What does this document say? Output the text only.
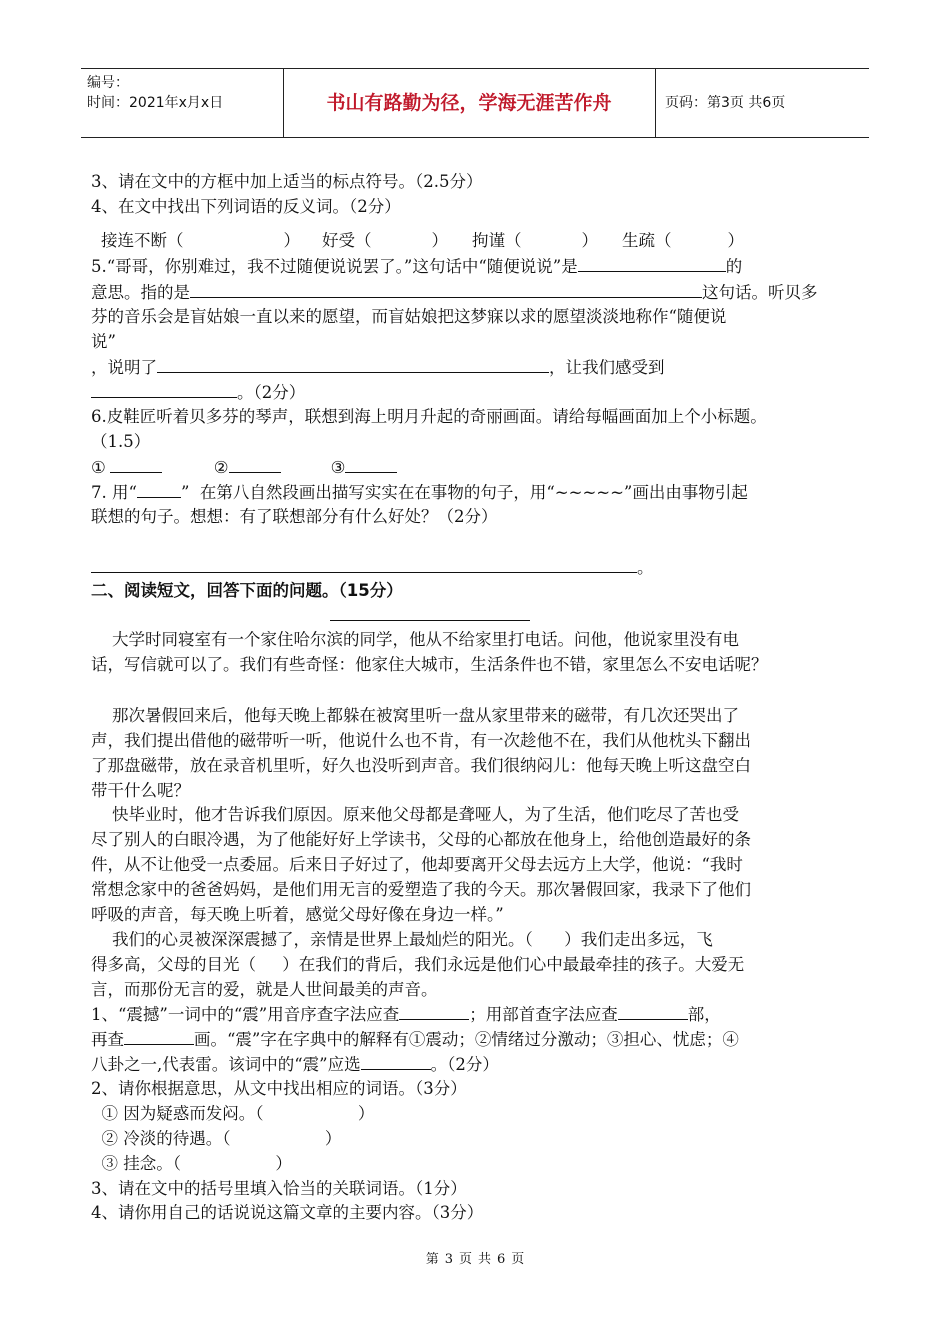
编号：
时间：2021年x月x日	书山有路勤为径，学海无涯苦作舟	页码：第3页 共6页
3、请在文中的方框中加上适当的标点符号。（2.5分）
4、在文中找出下列词语的反义词。（2分）
接连不断（	） 好受（	） 拘谨（	） 生疏（	）
5.“哥哥，你别难过，我不过随便说说罢了。”这句话中“随便说说”是	的
意思。指的是	这句话。听贝多
芬的音乐会是盲姑娘一直以来的愿望，而盲姑娘把这梦寐以求的愿望淡淡地称作“随便说
说”
，说明了	，让我们感受到
。（2分）
6.皮鞋匠听着贝多芬的琴声，联想到海上明月升起的奇丽画面。请给每幅画面加上个小标题。
（1.5）
①	②	③
7. 用“	”  在第八自然段画出描写实实在在事物的句子，用“~~~~~”画出由事物引起
联想的句子。想想：有了联想部分有什么好处？（2分）
。
二、阅读短文，回答下面的问题。（15分）
大学时同寝室有一个家住哈尔滨的同学，他从不给家里打电话。问他，他说家里没有电
话，写信就可以了。我们有些奇怪：他家住大城市，生活条件也不错，家里怎么不安电话呢？
那次暑假回来后，他每天晚上都躲在被窝里听一盘从家里带来的磁带，有几次还哭出了
声，我们提出借他的磁带听一听，他说什么也不肯，有一次趁他不在，我们从他枕头下翻出
了那盘磁带，放在录音机里听，好久也没听到声音。我们很纳闷儿：他每天晚上听这盘空白
带干什么呢？
快毕业时，他才告诉我们原因。原来他父母都是聋哑人，为了生活，他们吃尽了苦也受
尽了别人的白眼冷遇，为了他能好好上学读书，父母的心都放在他身上，给他创造最好的条
件，从不让他受一点委屈。后来日子好过了，他却要离开父母去远方上大学，他说：“我时
常想念家中的爸爸妈妈，是他们用无言的爱塑造了我的今天。那次暑假回家，我录下了他们
呼吸的声音，每天晚上听着，感觉父母好像在身边一样。”
我们的心灵被深深震撼了，亲情是世界上最灿烂的阳光。（      ）我们走出多远，飞
得多高，父母的目光（     ）在我们的背后，我们永远是他们心中最最牵挂的孩子。大爱无
言，而那份无言的爱，就是人世间最美的声音。
1、“震撼”一词中的“震”用音序查字法应查	；用部首查字法应查	部，
再查	画。“震”字在字典中的解释有①震动；②情绪过分激动；③担心、忧虑；④
八卦之一,代表雷。该词中的“震”应选	。（2分）
2、请你根据意思，从文中找出相应的词语。（3分）
① 因为疑惑而发闷。（                  ）
② 冷淡的待遇。（                  ）
③ 挂念。（                  ）
3、请在文中的括号里填入恰当的关联词语。（1分）
4、请你用自己的话说说这篇文章的主要内容。（3分）
第 3 页 共 6 页
